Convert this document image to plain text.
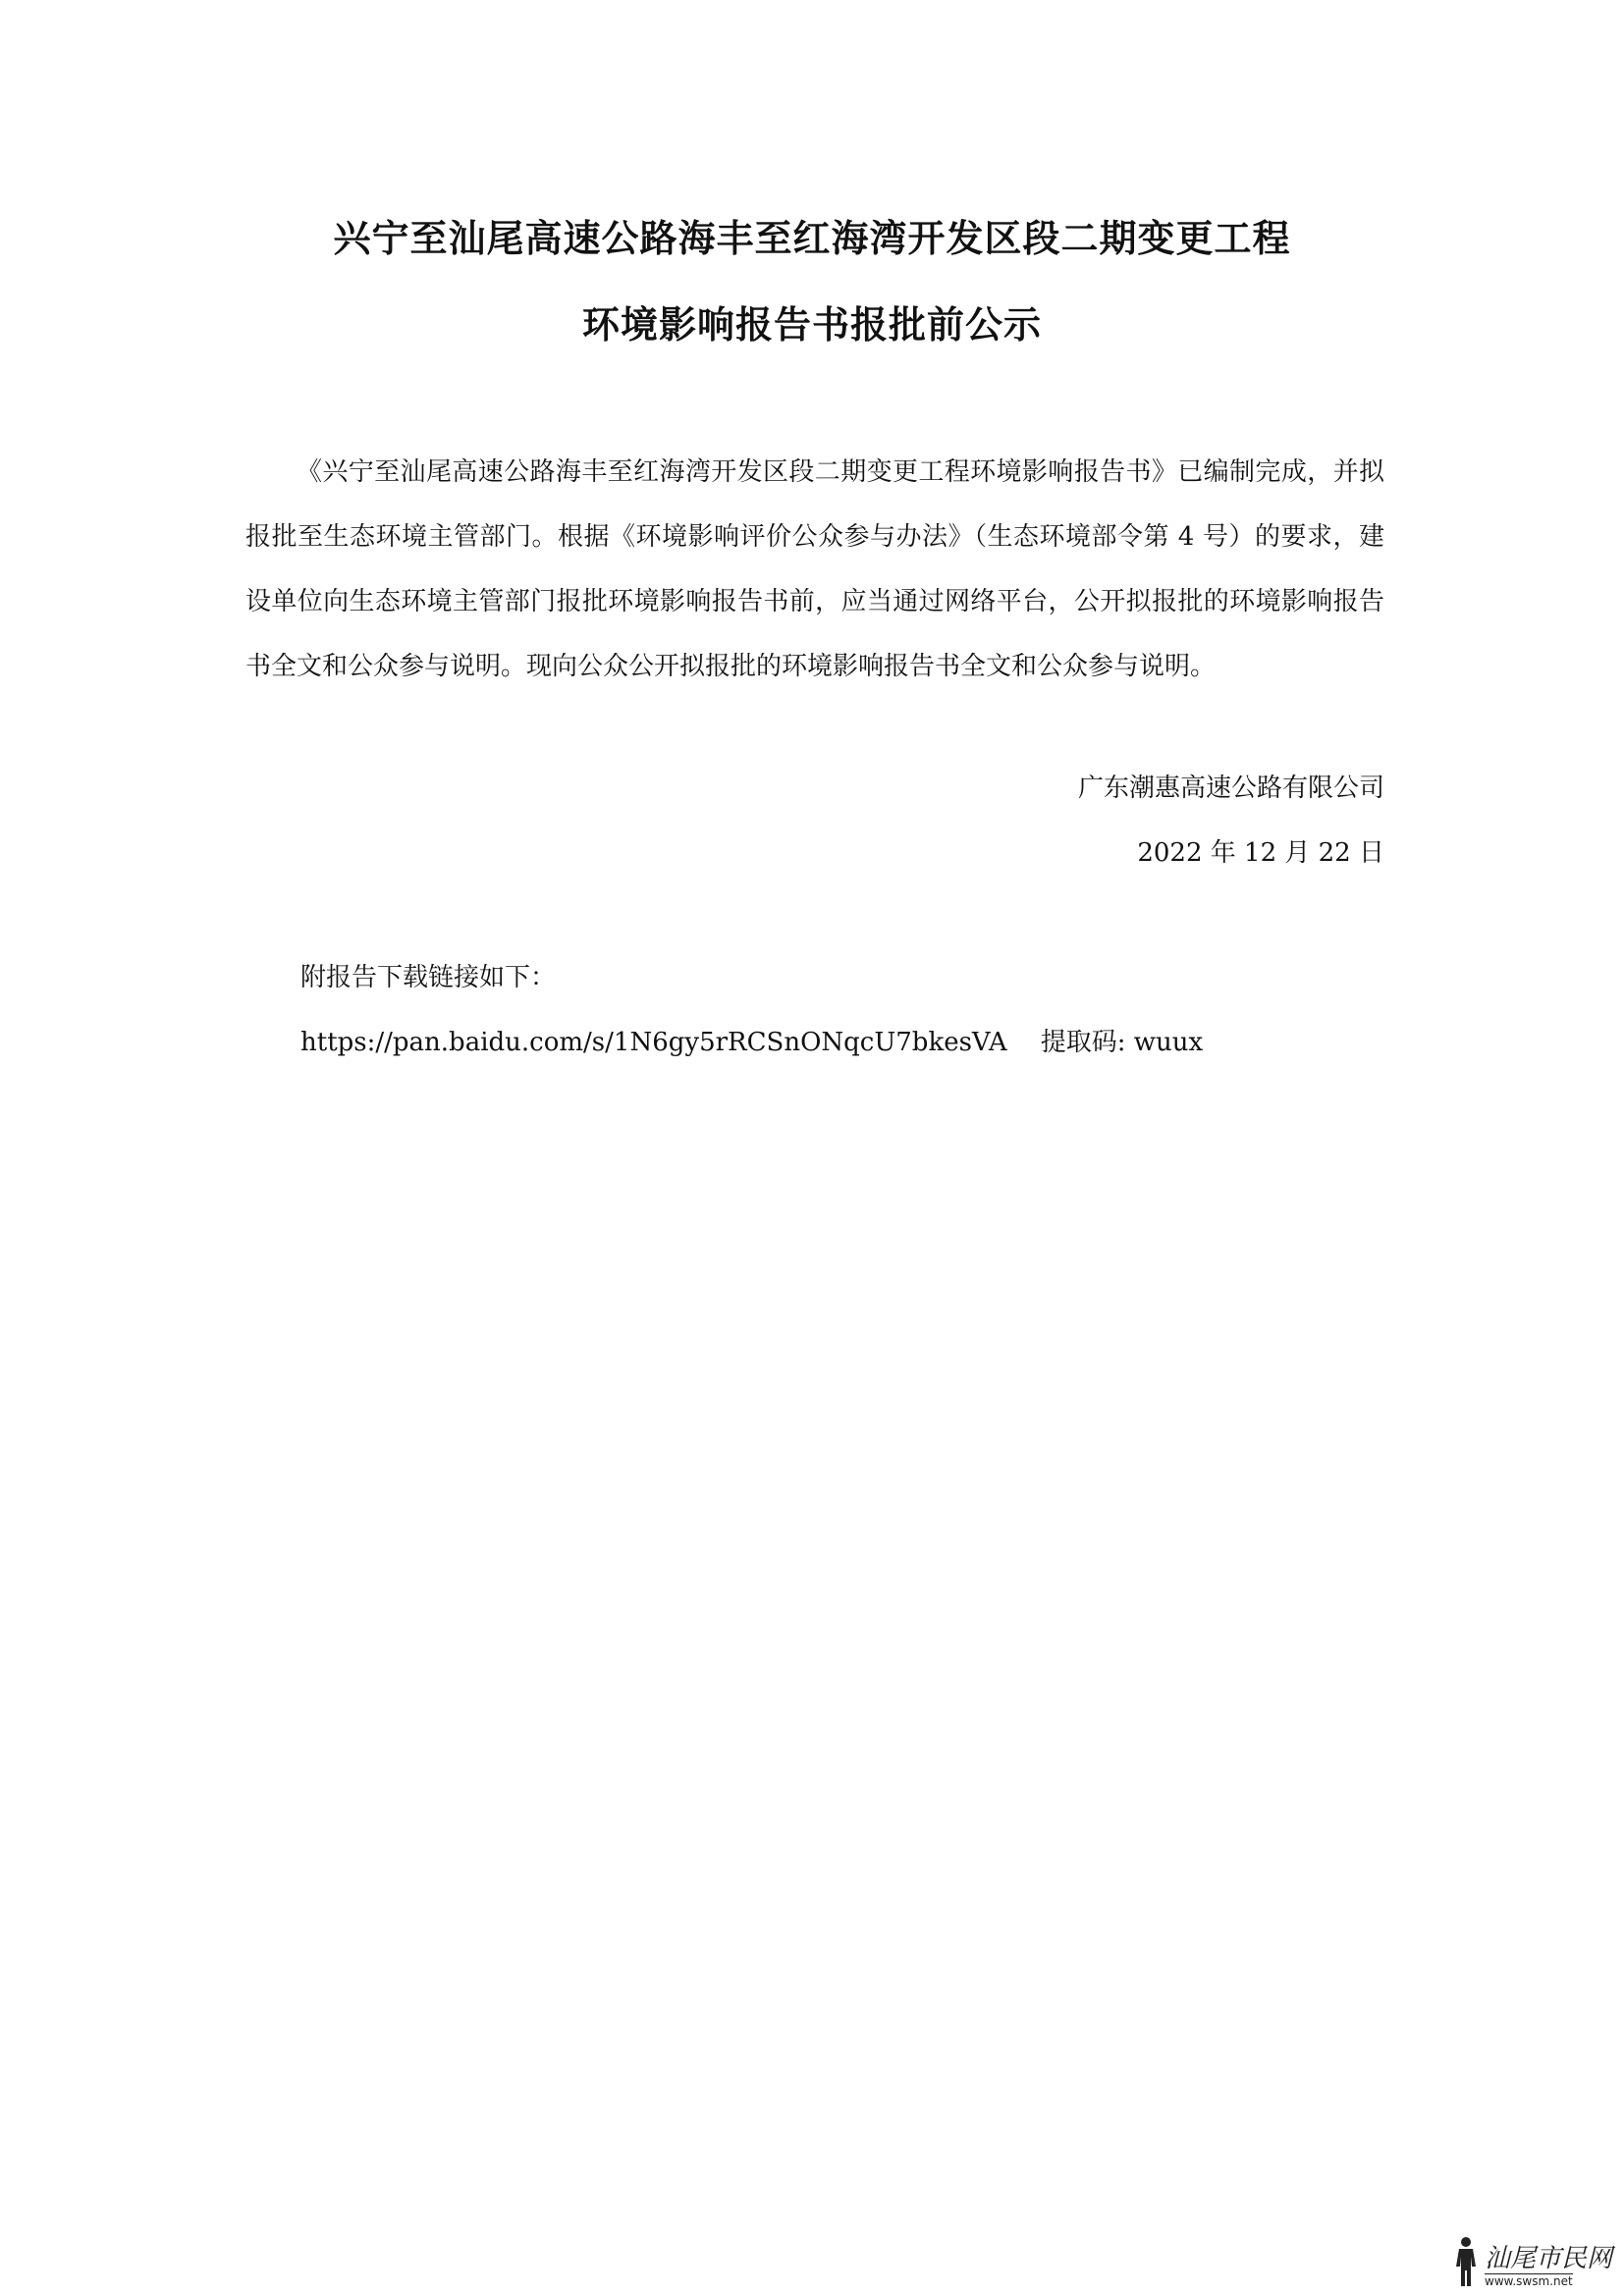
兴宁至汕尾高速公路海丰至红海湾开发区段二期变更工程
环境影响报告书报批前公示

《兴宁至汕尾高速公路海丰至红海湾开发区段二期变更工程环境影响报告书》已编制完成，并拟报批至生态环境主管部门。根据《环境影响评价公众参与办法》（生态环境部令第 4 号）的要求，建设单位向生态环境主管部门报批环境影响报告书前，应当通过网络平台，公开拟报批的环境影响报告书全文和公众参与说明。现向公众公开拟报批的环境影响报告书全文和公众参与说明。

广东潮惠高速公路有限公司
2022 年 12 月 22 日
附报告下载链接如下：
https://pan.baidu.com/s/1N6gy5rRCSnONqcU7bkesVA 提取码: wuux
汕尾市民网
www.swsm.net
